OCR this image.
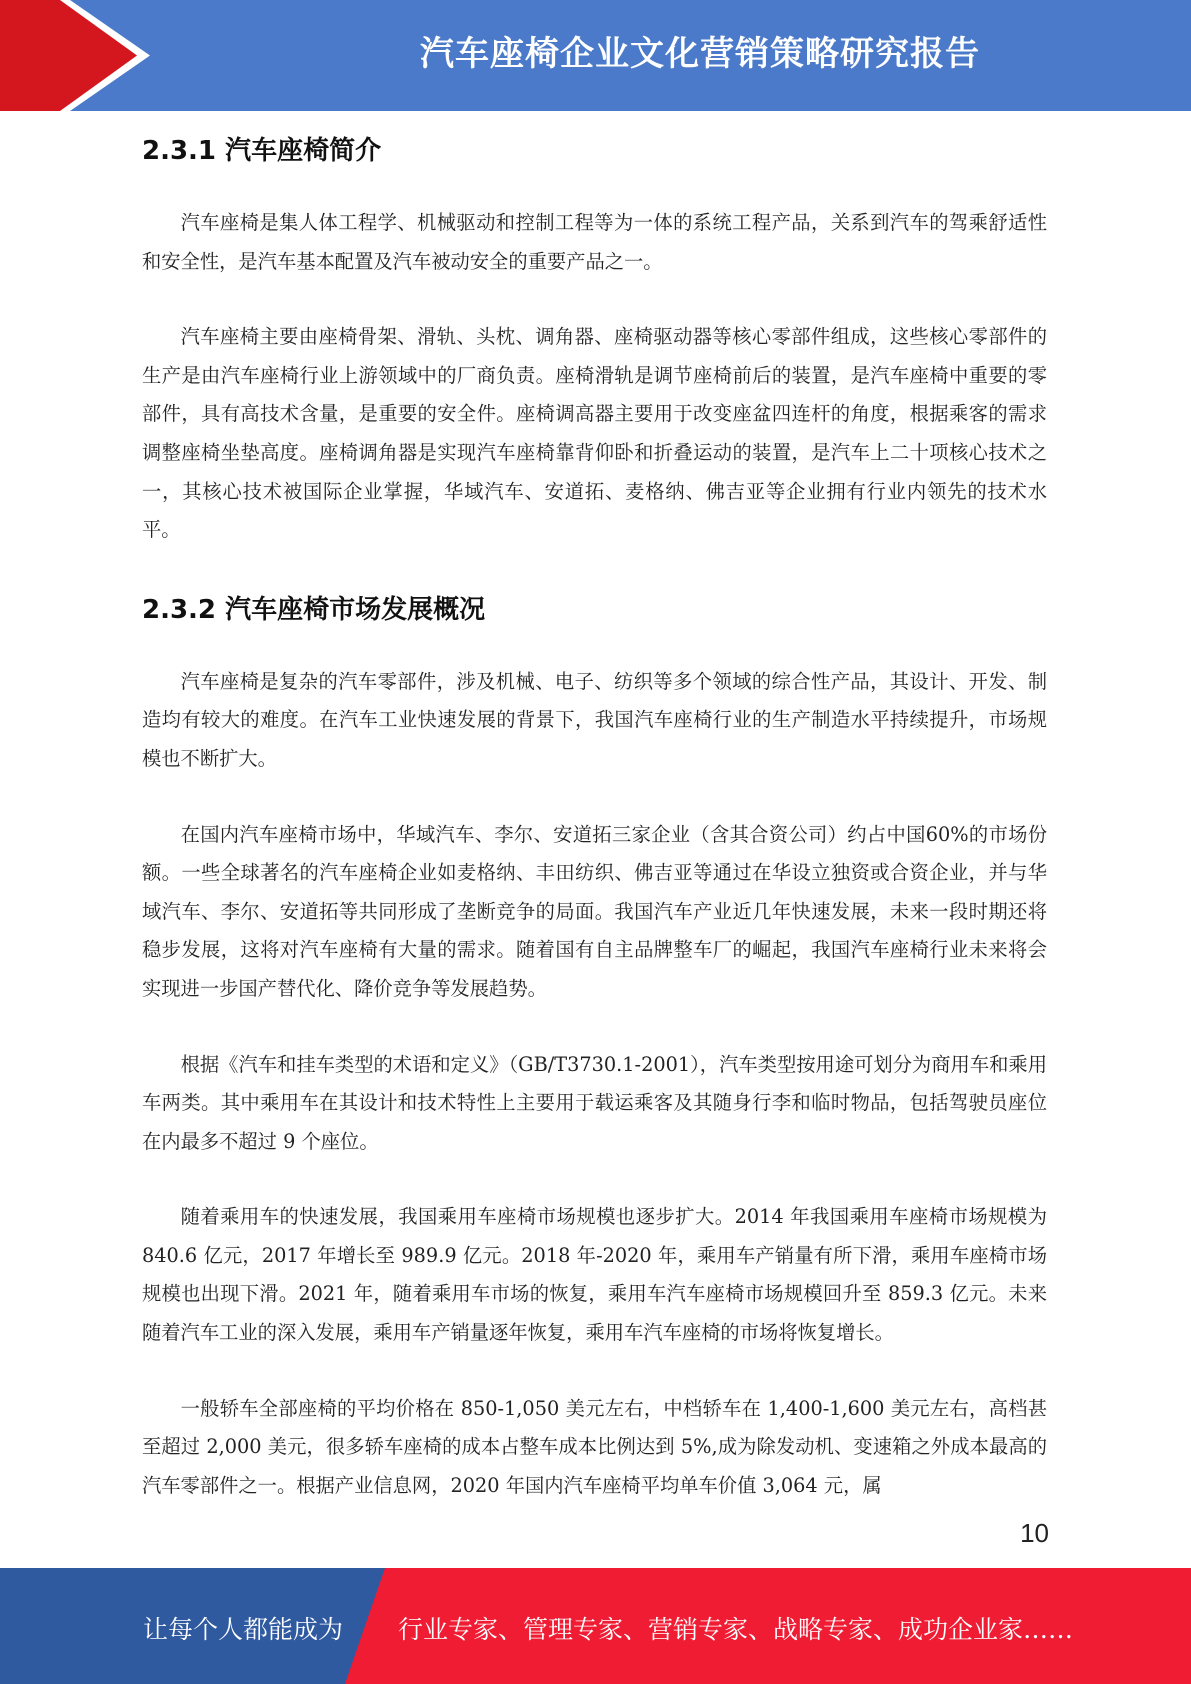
汽车座椅企业文化营销策略研究报告
2.3.1 汽车座椅简介

汽车座椅是集人体工程学、机械驱动和控制工程等为一体的系统工程产品，关系到汽车的驾乘舒适性和安全性，是汽车基本配置及汽车被动安全的重要产品之一。

汽车座椅主要由座椅骨架、滑轨、头枕、调角器、座椅驱动器等核心零部件组成，这些核心零部件的生产是由汽车座椅行业上游领域中的厂商负责。座椅滑轨是调节座椅前后的装置，是汽车座椅中重要的零部件，具有高技术含量，是重要的安全件。座椅调高器主要用于改变座盆四连杆的角度，根据乘客的需求调整座椅坐垫高度。座椅调角器是实现汽车座椅靠背仰卧和折叠运动的装置，是汽车上二十项核心技术之一，其核心技术被国际企业掌握，华域汽车、安道拓、麦格纳、佛吉亚等企业拥有行业内领先的技术水平。

2.3.2 汽车座椅市场发展概况

汽车座椅是复杂的汽车零部件，涉及机械、电子、纺织等多个领域的综合性产品，其设计、开发、制造均有较大的难度。在汽车工业快速发展的背景下，我国汽车座椅行业的生产制造水平持续提升，市场规模也不断扩大。

在国内汽车座椅市场中，华域汽车、李尔、安道拓三家企业（含其合资公司）约占中国60%的市场份额。一些全球著名的汽车座椅企业如麦格纳、丰田纺织、佛吉亚等通过在华设立独资或合资企业，并与华域汽车、李尔、安道拓等共同形成了垄断竞争的局面。我国汽车产业近几年快速发展，未来一段时期还将稳步发展，这将对汽车座椅有大量的需求。随着国有自主品牌整车厂的崛起，我国汽车座椅行业未来将会实现进一步国产替代化、降价竞争等发展趋势。

根据《汽车和挂车类型的术语和定义》（GB/T3730.1-2001），汽车类型按用途可划分为商用车和乘用车两类。其中乘用车在其设计和技术特性上主要用于载运乘客及其随身行李和临时物品，包括驾驶员座位在内最多不超过 9 个座位。

随着乘用车的快速发展，我国乘用车座椅市场规模也逐步扩大。2014 年我国乘用车座椅市场规模为 840.6 亿元，2017 年增长至 989.9 亿元。2018 年-2020 年，乘用车产销量有所下滑，乘用车座椅市场规模也出现下滑。2021 年，随着乘用车市场的恢复，乘用车汽车座椅市场规模回升至 859.3 亿元。未来随着汽车工业的深入发展，乘用车产销量逐年恢复，乘用车汽车座椅的市场将恢复增长。

一般轿车全部座椅的平均价格在 850-1,050 美元左右，中档轿车在 1,400-1,600 美元左右，高档甚至超过 2,000 美元，很多轿车座椅的成本占整车成本比例达到 5%,成为除发动机、变速箱之外成本最高的汽车零部件之一。根据产业信息网，2020 年国内汽车座椅平均单车价值 3,064 元，属

10
让每个人都能成为 行业专家、管理专家、营销专家、战略专家、成功企业家……
